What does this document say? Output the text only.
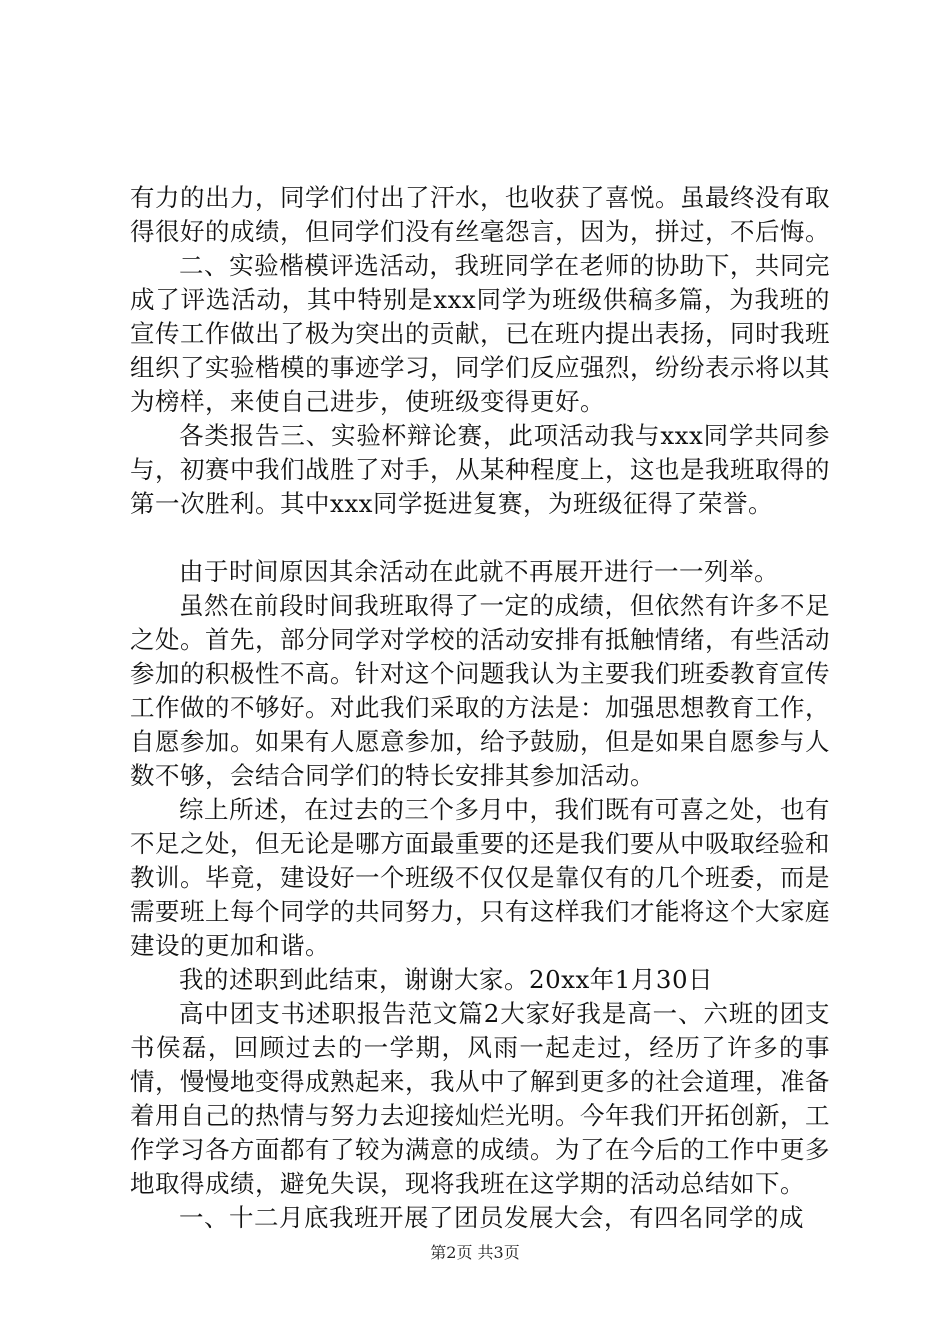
有力的出力，同学们付出了汗水，也收获了喜悦。虽最终没有取得很好的成绩，但同学们没有丝毫怨言，因为，拼过，不后悔。

二、实验楷模评选活动，我班同学在老师的协助下，共同完成了评选活动，其中特别是xxx同学为班级供稿多篇，为我班的宣传工作做出了极为突出的贡献，已在班内提出表扬，同时我班组织了实验楷模的事迹学习，同学们反应强烈，纷纷表示将以其为榜样，来使自己进步，使班级变得更好。

各类报告三、实验杯辩论赛，此项活动我与xxx同学共同参与，初赛中我们战胜了对手，从某种程度上，这也是我班取得的第一次胜利。其中xxx同学挺进复赛，为班级征得了荣誉。

由于时间原因其余活动在此就不再展开进行一一列举。

虽然在前段时间我班取得了一定的成绩，但依然有许多不足之处。首先，部分同学对学校的活动安排有抵触情绪，有些活动参加的积极性不高。针对这个问题我认为主要我们班委教育宣传工作做的不够好。对此我们采取的方法是：加强思想教育工作，自愿参加。如果有人愿意参加，给予鼓励，但是如果自愿参与人数不够，会结合同学们的特长安排其参加活动。

综上所述，在过去的三个多月中，我们既有可喜之处，也有不足之处，但无论是哪方面最重要的还是我们要从中吸取经验和教训。毕竟，建设好一个班级不仅仅是靠仅有的几个班委，而是需要班上每个同学的共同努力，只有这样我们才能将这个大家庭建设的更加和谐。

我的述职到此结束，谢谢大家。20xx年1月30日

高中团支书述职报告范文篇2大家好我是高一、六班的团支书侯磊，回顾过去的一学期，风雨一起走过，经历了许多的事情，慢慢地变得成熟起来，我从中了解到更多的社会道理，准备着用自己的热情与努力去迎接灿烂光明。今年我们开拓创新，工作学习各方面都有了较为满意的成绩。为了在今后的工作中更多地取得成绩，避免失误，现将我班在这学期的活动总结如下。

一、十二月底我班开展了团员发展大会，有四名同学的成

第2页 共3页
